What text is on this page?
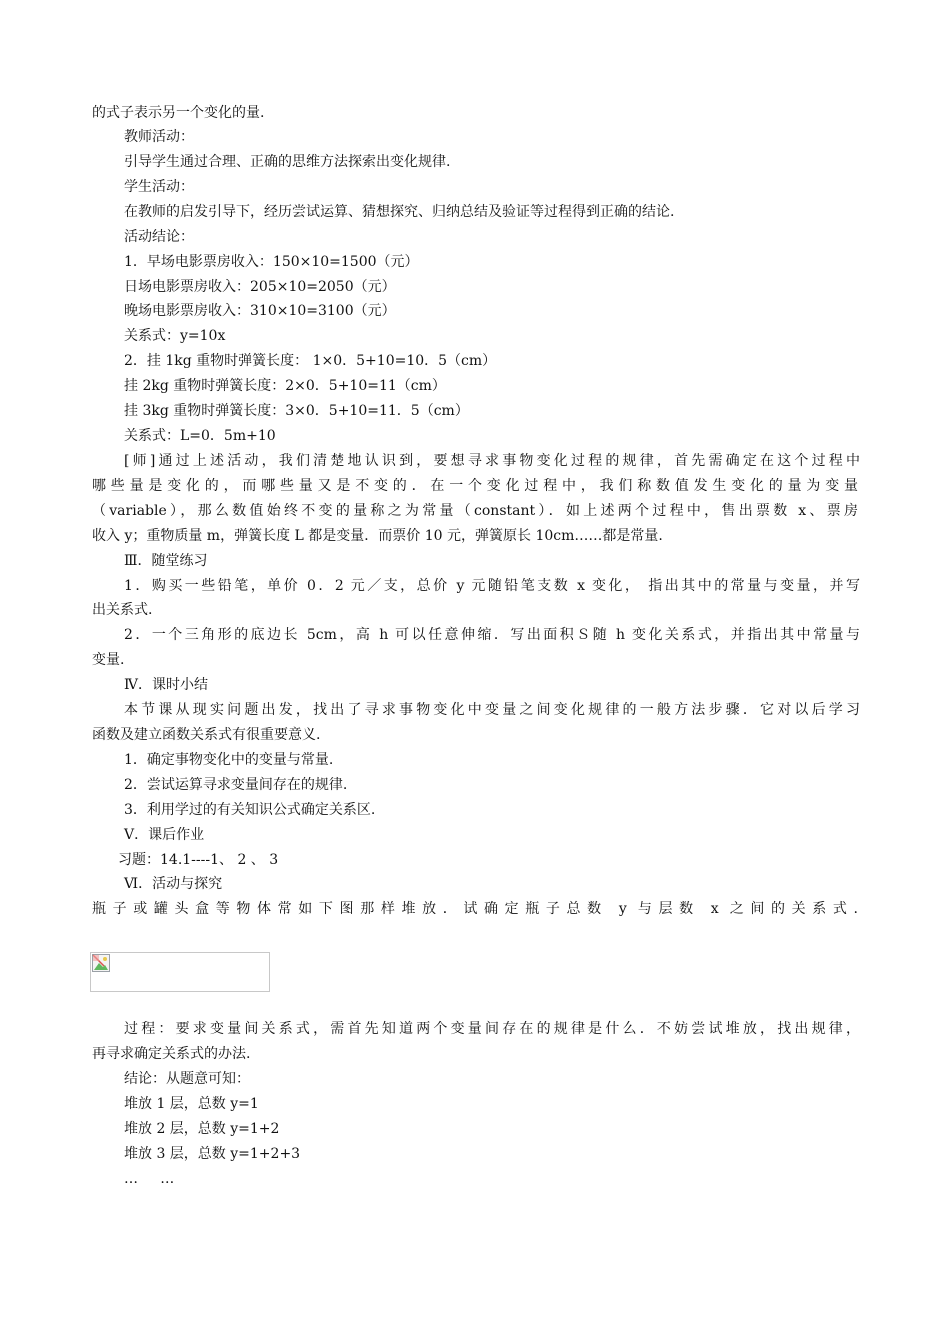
的式子表示另一个变化的量.
教师活动：
引导学生通过合理、正确的思维方法探索出变化规律.
学生活动：
在教师的启发引导下，经历尝试运算、猜想探究、归纳总结及验证等过程得到正确的结论.
活动结论：
1．早场电影票房收入：150×10=1500（元）
日场电影票房收入：205×10=2050（元）
晚场电影票房收入：310×10=3100（元）
关系式：y=10x
2．挂 1kg 重物时弹簧长度： 1×0．5+10=10．5（cm）
挂 2kg 重物时弹簧长度：2×0．5+10=11（cm）
挂 3kg 重物时弹簧长度：3×0．5+10=11．5（cm）
关系式：L=0．5m+10
[师]通过上述活动，我们清楚地认识到，要想寻求事物变化过程的规律，首先需确定在这个过程中
哪些量是变化的，而哪些量又是不变的．在一个变化过程中，我们称数值发生变化的量为变量
（variable），那么数值始终不变的量称之为常量（constant）．如上述两个过程中，售出票数 x、票房
收入 y；重物质量 m，弹簧长度 L 都是变量．而票价 10 元，弹簧原长 10cm……都是常量.
Ⅲ．随堂练习
1．购买一些铅笔，单价 0．2 元／支，总价 y 元随铅笔支数 x 变化， 指出其中的常量与变量，并写
出关系式.
2．一个三角形的底边长 5cm，高 h 可以任意伸缩．写出面积Ｓ随 h 变化关系式，并指出其中常量与
变量.
Ⅳ．课时小结
本节课从现实问题出发，找出了寻求事物变化中变量之间变化规律的一般方法步骤．它对以后学习
函数及建立函数关系式有很重要意义.
1．确定事物变化中的变量与常量.
2．尝试运算寻求变量间存在的规律.
3．利用学过的有关知识公式确定关系区.
Ⅴ．课后作业
习题：14.1----1、 2 、 3
Ⅵ．活动与探究
瓶子或罐头盒等物体常如下图那样堆放．试确定瓶子总数 y 与层数 x 之间的关系式.
过程：要求变量间关系式，需首先知道两个变量间存在的规律是什么．不妨尝试堆放，找出规律，
再寻求确定关系式的办法.
结论：从题意可知：
堆放 1 层，总数 y=1
堆放 2 层，总数 y=1+2
堆放 3 层，总数 y=1+2+3
…     …
